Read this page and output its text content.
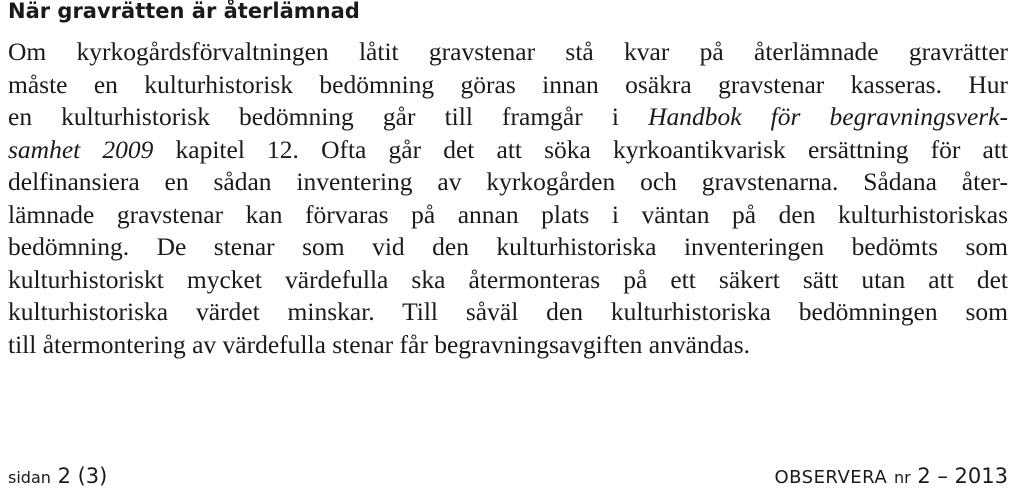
När gravrätten är återlämnad
Om kyrkogårdsförvaltningen låtit gravstenar stå kvar på återlämnade gravrätter
måste en kulturhistorisk bedömning göras innan osäkra gravstenar kasseras. Hur
en kulturhistorisk bedömning går till framgår i Handbok för begravningsverk-
samhet 2009 kapitel 12. Ofta går det att söka kyrkoantikvarisk ersättning för att
delfinansiera en sådan inventering av kyrkogården och gravstenarna. Sådana åter-
lämnade gravstenar kan förvaras på annan plats i väntan på den kulturhistoriskas
bedömning. De stenar som vid den kulturhistoriska inventeringen bedömts som
kulturhistoriskt mycket värdefulla ska återmonteras på ett säkert sätt utan att det
kulturhistoriska värdet minskar. Till såväl den kulturhistoriska bedömningen som
till återmontering av värdefulla stenar får begravningsavgiften användas.
sidan 2 (3)	OBSERVERA nr 2 – 2013
